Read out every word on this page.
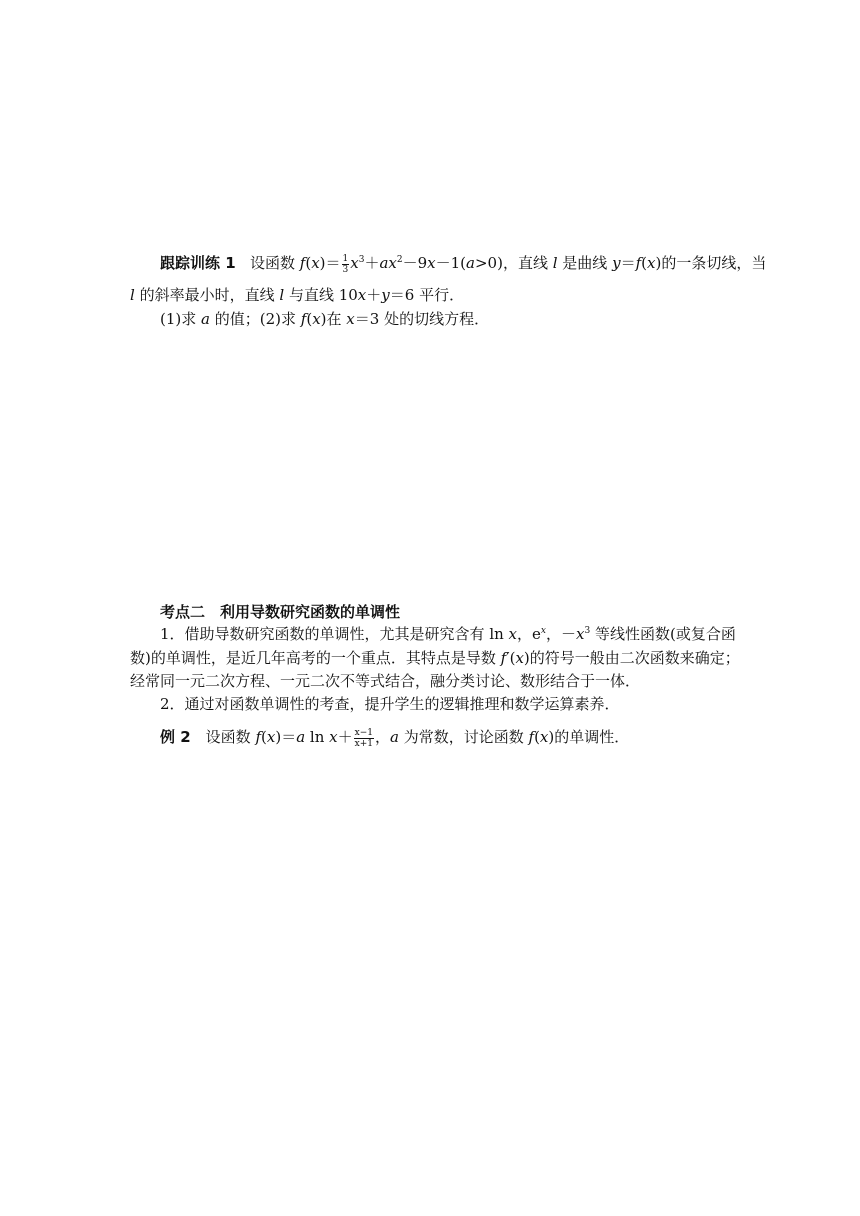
跟踪训练 1 设函数 $f(x)= \frac{1}{3} x^3+ax^2-9x-1(a>0)$，直线 l 是曲线 y＝f(x)的一条切线，当
l 的斜率最小时，直线 l 与直线 10x＋y＝6 平行．
(1)求 a 的值；(2)求 f(x)在 x＝3 处的切线方程．
考点二　利用导数研究函数的单调性
1．借助导数研究函数的单调性，尤其是研究含有 ln x，$e^x$，$-x^3$ 等线性函数(或复合函
数)的单调性，是近几年高考的一个重点．其特点是导数 f′(x)的符号一般由二次函数来确定；
经常同一元二次方程、一元二次不等式结合，融分类讨论、数形结合于一体．
2．通过对函数单调性的考查，提升学生的逻辑推理和数学运算素养．
例 2　设函数 f(x)＝a $\ln x+ \frac{x-1}{x+1}$ ，a 为常数，讨论函数 f(x)的单调性．
